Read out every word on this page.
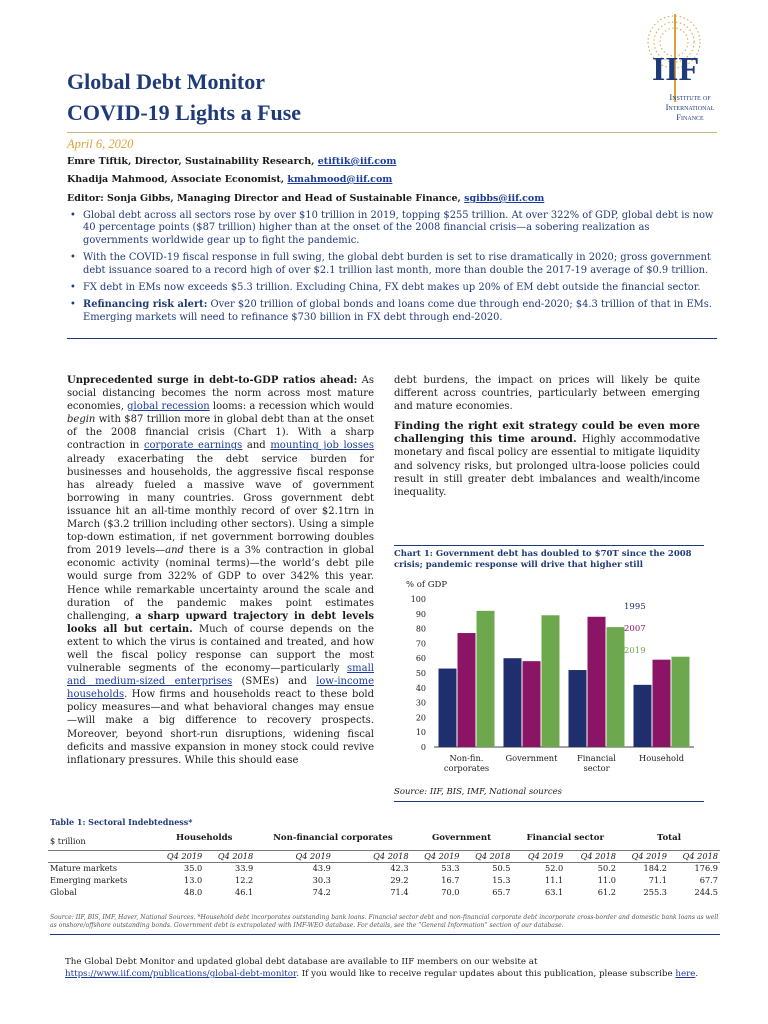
IIF
Institute of
International
Finance
Global Debt Monitor
COVID-19 Lights a Fuse
April 6, 2020
Emre Tiftik, Director, Sustainability Research, etiftik@iif.com
Khadija Mahmood, Associate Economist, kmahmood@iif.com
Editor: Sonja Gibbs, Managing Director and Head of Sustainable Finance, sgibbs@iif.com
• Global debt across all sectors rose by over $10 trillion in 2019, topping $255 trillion. At over 322% of GDP, global debt is now 40 percentage points ($87 trillion) higher than at the onset of the 2008 financial crisis—a sobering realization as governments worldwide gear up to fight the pandemic.
• With the COVID-19 fiscal response in full swing, the global debt burden is set to rise dramatically in 2020; gross government debt issuance soared to a record high of over $2.1 trillion last month, more than double the 2017-19 average of $0.9 trillion.
• FX debt in EMs now exceeds $5.3 trillion. Excluding China, FX debt makes up 20% of EM debt outside the financial sector.
• Refinancing risk alert: Over $20 trillion of global bonds and loans come due through end-2020; $4.3 trillion of that in EMs. Emerging markets will need to refinance $730 billion in FX debt through end-2020.
Unprecedented surge in debt-to-GDP ratios ahead: As social distancing becomes the norm across most mature economies, global recession looms: a recession which would begin with $87 trillion more in global debt than at the onset of the 2008 financial crisis (Chart 1). With a sharp contraction in corporate earnings and mounting job losses already exacerbating the debt service burden for businesses and households, the aggressive fiscal response has already fueled a massive wave of government borrowing in many countries. Gross government debt issuance hit an all-time monthly record of over $2.1trn in March ($3.2 trillion including other sectors). Using a simple top-down estimation, if net government borrowing doubles from 2019 levels—and there is a 3% contraction in global economic activity (nominal terms)—the world’s debt pile would surge from 322% of GDP to over 342% this year. Hence while remarkable uncertainty around the scale and duration of the pandemic makes point estimates challenging, a sharp upward trajectory in debt levels looks all but certain. Much of course depends on the extent to which the virus is contained and treated, and how well the fiscal policy response can support the most vulnerable segments of the economy—particularly small and medium-sized enterprises (SMEs) and low-income households. How firms and households react to these bold policy measures—and what behavioral changes may ensue—will make a big difference to recovery prospects. Moreover, beyond short-run disruptions, widening fiscal deficits and massive expansion in money stock could revive inflationary pressures. While this should ease

debt burdens, the impact on prices will likely be quite different across countries, particularly between emerging and mature economies.

Finding the right exit strategy could be even more challenging this time around. Highly accommodative monetary and fiscal policy are essential to mitigate liquidity and solvency risks, but prolonged ultra-loose policies could result in still greater debt imbalances and wealth/income inequality.

Chart 1: Government debt has doubled to $70T since the 2008 crisis; pandemic response will drive that higher still
% of GDP
0
10
20
30
40
50
60
70
80
90
100
Non-fin.
corporates
Government Financial
sector
Household
1995
2007
2019
Source: IIF, BIS, IMF, National sources
Table 1: Sectoral Indebtedness*
$ trillion	Households		Non-financial corporates		Government		Financial sector		Total	
	Q4 2019	Q4 2018	Q4 2019	Q4 2018	Q4 2019	Q4 2018	Q4 2019	Q4 2018	Q4 2019	Q4 2018
Mature markets	35.0	33.9	43.9	42.3	53.3	50.5	52.0	50.2	184.2	176.9
Emerging markets	13.0	12.2	30.3	29.2	16.7	15.3	11.1	11.0	71.1	67.7
Global	48.0	46.1	74.2	71.4	70.0	65.7	63.1	61.2	255.3	244.5
Source: IIF, BIS, IMF, Haver, National Sources. *Household debt incorporates outstanding bank loans. Financial sector debt and non-financial corporate debt incorporate cross-border and domestic bank loans as well as onshore/offshore outstanding bonds. Government debt is extrapolated with IMF-WEO database. For details, see the “General Information” section of our database.
The Global Debt Monitor and updated global debt database are available to IIF members on our website at https://www.iif.com/publications/global-debt-monitor. If you would like to receive regular updates about this publication, please subscribe here.
